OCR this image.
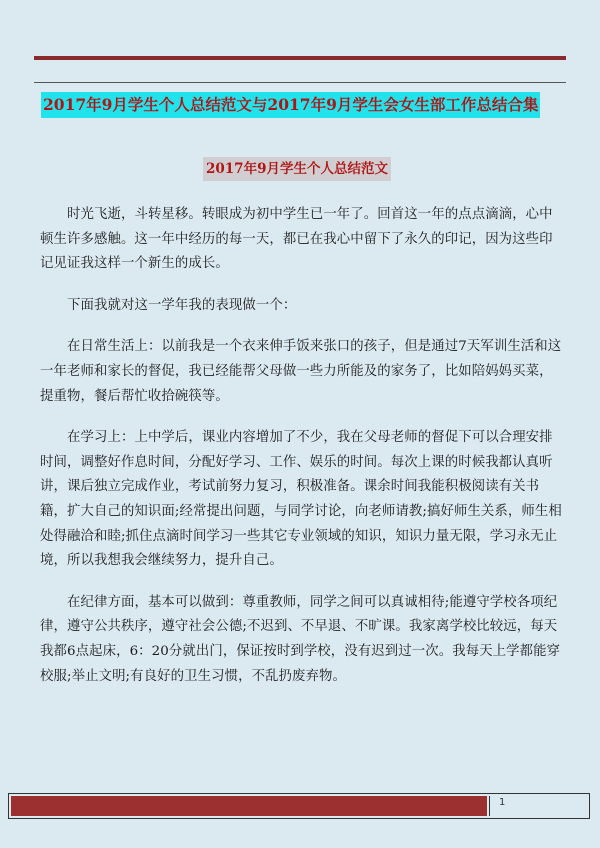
2017年9月学生个人总结范文与2017年9月学生会女生部工作总结合集
2017年9月学生个人总结范文

时光飞逝，斗转星移。转眼成为初中学生已一年了。回首这一年的点点滴滴，心中顿生许多感触。这一年中经历的每一天，都已在我心中留下了永久的印记，因为这些印记见证我这样一个新生的成长。

下面我就对这一学年我的表现做一个：

在日常生活上：以前我是一个衣来伸手饭来张口的孩子，但是通过7天军训生活和这一年老师和家长的督促，我已经能帮父母做一些力所能及的家务了，比如陪妈妈买菜，提重物，餐后帮忙收拾碗筷等。

在学习上：上中学后，课业内容增加了不少，我在父母老师的督促下可以合理安排时间，调整好作息时间，分配好学习、工作、娱乐的时间。每次上课的时候我都认真听讲，课后独立完成作业，考试前努力复习，积极准备。课余时间我能积极阅读有关书籍，扩大自己的知识面;经常提出问题，与同学讨论，向老师请教;搞好师生关系，师生相处得融洽和睦;抓住点滴时间学习一些其它专业领域的知识，知识力量无限，学习永无止境，所以我想我会继续努力，提升自己。

在纪律方面，基本可以做到：尊重教师，同学之间可以真诚相待;能遵守学校各项纪律，遵守公共秩序，遵守社会公德;不迟到、不早退、不旷课。我家离学校比较远，每天我都6点起床，6：20分就出门，保证按时到学校，没有迟到过一次。我每天上学都能穿校服;举止文明;有良好的卫生习惯，不乱扔废弃物。

1
